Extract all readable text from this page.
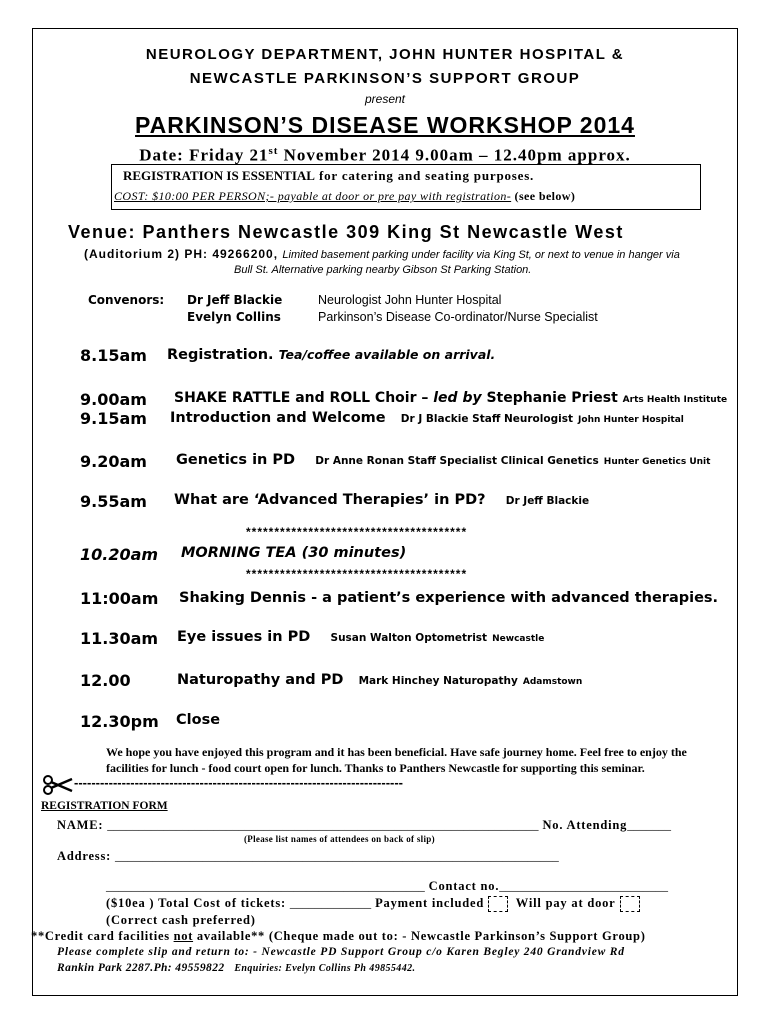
NEUROLOGY DEPARTMENT, JOHN HUNTER HOSPITAL &
NEWCASTLE PARKINSON’S SUPPORT GROUP
present
PARKINSON’S DISEASE WORKSHOP 2014
Date: Friday 21st November 2014 9.00am – 12.40pm approx.
REGISTRATION IS ESSENTIAL for catering and seating purposes.
COST: $10:00 PER PERSON;- payable at door or pre pay with registration- (see below)
Venue: Panthers Newcastle 309 King St Newcastle West
(Auditorium 2) PH: 49266200, Limited basement parking under facility via King St, or next to venue in hanger via
Bull St. Alternative parking nearby Gibson St Parking Station.
Convenors: Dr Jeff Blackie	Neurologist John Hunter Hospital
Evelyn Collins	Parkinson’s Disease Co-ordinator/Nurse Specialist
8.15am Registration. Tea/coffee available on arrival.
9.00am SHAKE RATTLE and ROLL Choir – led by Stephanie Priest Arts Health Institute
9.15am Introduction and Welcome Dr J Blackie Staff Neurologist John Hunter Hospital
9.20am Genetics in PD Dr Anne Ronan Staff Specialist Clinical Genetics Hunter Genetics Unit
9.55am What are ‘Advanced Therapies’ in PD? Dr Jeff Blackie
***************************************
10.20am MORNING TEA (30 minutes)
***************************************
11:00am Shaking Dennis - a patient’s experience with advanced therapies.
11.30am Eye issues in PD Susan Walton Optometrist Newcastle
12.00	Naturopathy and PD Mark Hinchey Naturopathy Adamstown
12.30pm Close
We hope you have enjoyed this program and it has been beneficial. Have safe journey home. Feel free to enjoy the
facilities for lunch - food court open for lunch. Thanks to Panthers Newcastle for supporting this seminar.
----------------------------------------------------------------------------
REGISTRATION FORM
NAME: _____________________________________________________________________ No. Attending_______
(Please list names of attendees on back of slip)
Address: _______________________________________________________________________
___________________________________________________ Contact no.___________________________
($10ea ) Total Cost of tickets: _____________ Payment included Will pay at door
(Correct cash preferred)
**Credit card facilities not available** (Cheque made out to: - Newcastle Parkinson’s Support Group)
Please complete slip and return to: - Newcastle PD Support Group c/o Karen Begley 240 Grandview Rd
Rankin Park 2287.Ph: 49559822 Enquiries: Evelyn Collins Ph 49855442.
